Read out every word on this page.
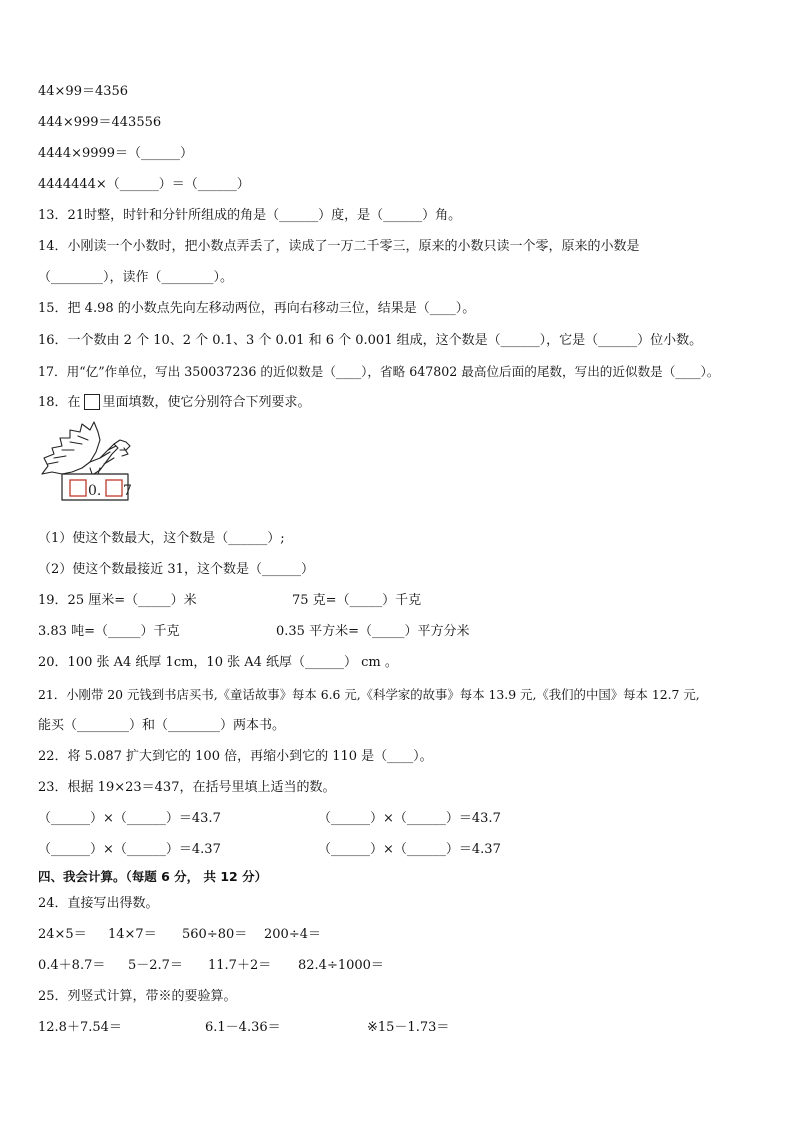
44×99＝4356
444×999＝443556
4444×9999＝（______）
4444444×（______）＝（______）
13．21时整，时针和分针所组成的角是（______）度，是（______）角。
14．小刚读一个小数时，把小数点弄丢了，读成了一万二千零三，原来的小数只读一个零，原来的小数是
（________），读作（________）。
15．把 4.98 的小数点先向左移动两位，再向右移动三位，结果是（____）。
16．一个数由 2 个 10、2 个 0.1、3 个 0.01 和 6 个 0.001 组成，这个数是（______），它是（______）位小数。
17．用“亿”作单位，写出 350037236 的近似数是（____），省略 647802 最高位后面的尾数，写出的近似数是（____）。
18．在 里面填数，使它分别符合下列要求。
0. 7
（1）使这个数最大，这个数是（______）;
（2）使这个数最接近 31，这个数是（______）
19．25 厘米=（_____）米	75 克=（_____）千克
3.83 吨=（_____）千克	0.35 平方米=（_____）平方分米
20．100 张 A4 纸厚 1cm，10 张 A4 纸厚（______） cm 。
21．小刚带 20 元钱到书店买书,《童话故事》每本 6.6 元,《科学家的故事》每本 13.9 元,《我们的中国》每本 12.7 元,
能买（________）和（________）两本书。
22．将 5.087 扩大到它的 100 倍，再缩小到它的 110 是（____）。
23．根据 19×23＝437，在括号里填上适当的数。
（______）×（______）＝43.7	（______）×（______）＝43.7
（______）×（______）＝4.37	（______）×（______）＝4.37
四、我会计算。（每题 6 分， 共 12 分）
24．直接写出得数。
24×5＝ 14×7＝ 560÷80＝ 200÷4＝
0.4＋8.7＝ 5－2.7＝ 11.7＋2＝ 82.4÷1000＝
25．列竖式计算，带※的要验算。
12.8＋7.54＝	6.1－4.36＝	※15－1.73＝
